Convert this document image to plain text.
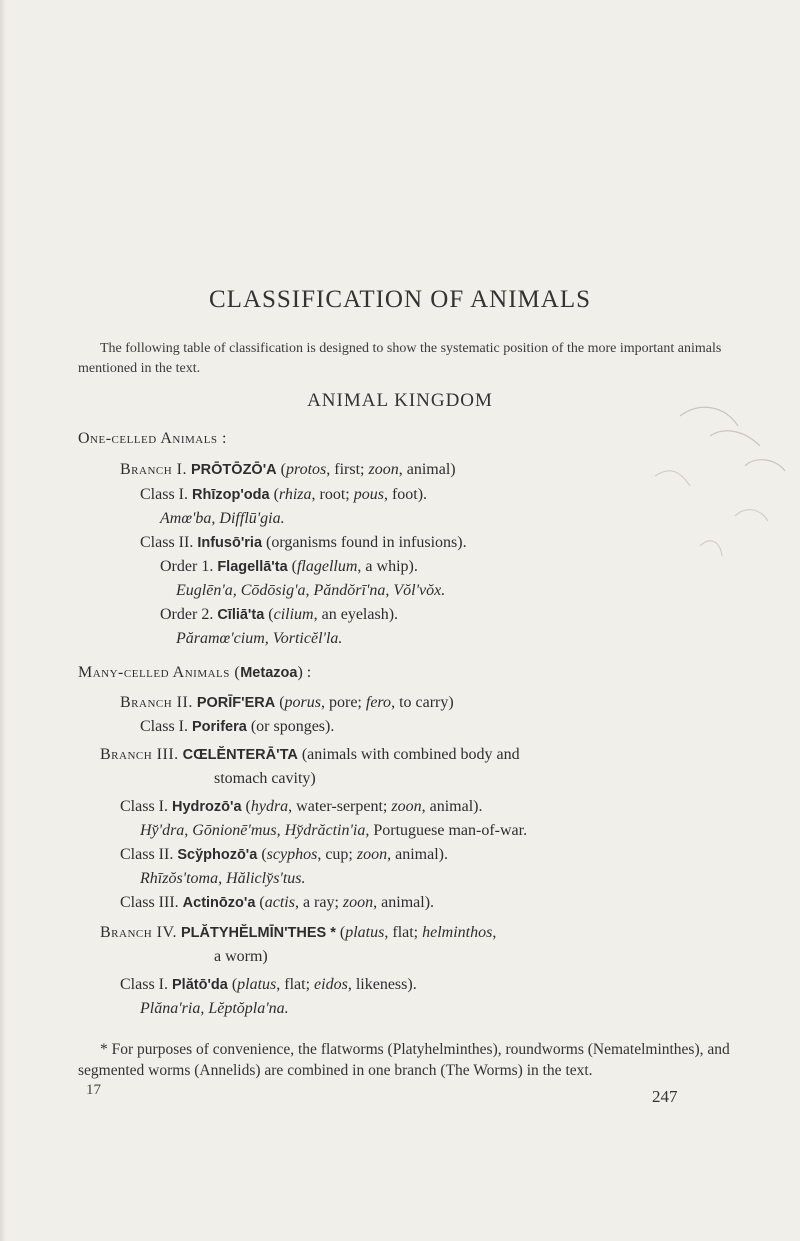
CLASSIFICATION OF ANIMALS
The following table of classification is designed to show the systematic position of the more important animals mentioned in the text.
ANIMAL KINGDOM
One-celled Animals :
Branch I. PRŌTŌZŌ'A (protos, first; zoon, animal)
Class I. Rhīzop'oda (rhiza, root; pous, foot).
Amœ'ba, Difflū'gia.
Class II. Infusō'ria (organisms found in infusions).
Order 1. Flagellā'ta (flagellum, a whip).
Euglēn'a, Cōdōsig'a, Păndŏrī'na, Vŏl'vŏx.
Order 2. Cīliā'ta (cilium, an eyelash).
Păramœ'cium, Vorticĕl'la.
Many-celled Animals (Metazoa) :
Branch II. PORĪF'ERA (porus, pore; fero, to carry)
Class I. Porifera (or sponges).
Branch III. CŒLĔNTERĀ'TA (animals with combined body and
stomach cavity)
Class I. Hydrozō'a (hydra, water-serpent; zoon, animal).
Hy̆'dra, Gōnionē'mus, Hy̆drăctin'ia, Portuguese man-of-war.
Class II. Scy̆phozō'a (scyphos, cup; zoon, animal).
Rhīzŏs'toma, Hălicly̆s'tus.
Class III. Actinōzo'a (actis, a ray; zoon, animal).
Branch IV. PLĂTYHĔLMĪN'THES * (platus, flat; helminthos,
a worm)
Class I. Plătō'da (platus, flat; eidos, likeness).
Plăna'ria, Lĕptŏpla'na.
* For purposes of convenience, the flatworms (Platyhelminthes), roundworms (Nematelminthes), and segmented worms (Annelids) are combined in one branch (The Worms) in the text.
17	247
